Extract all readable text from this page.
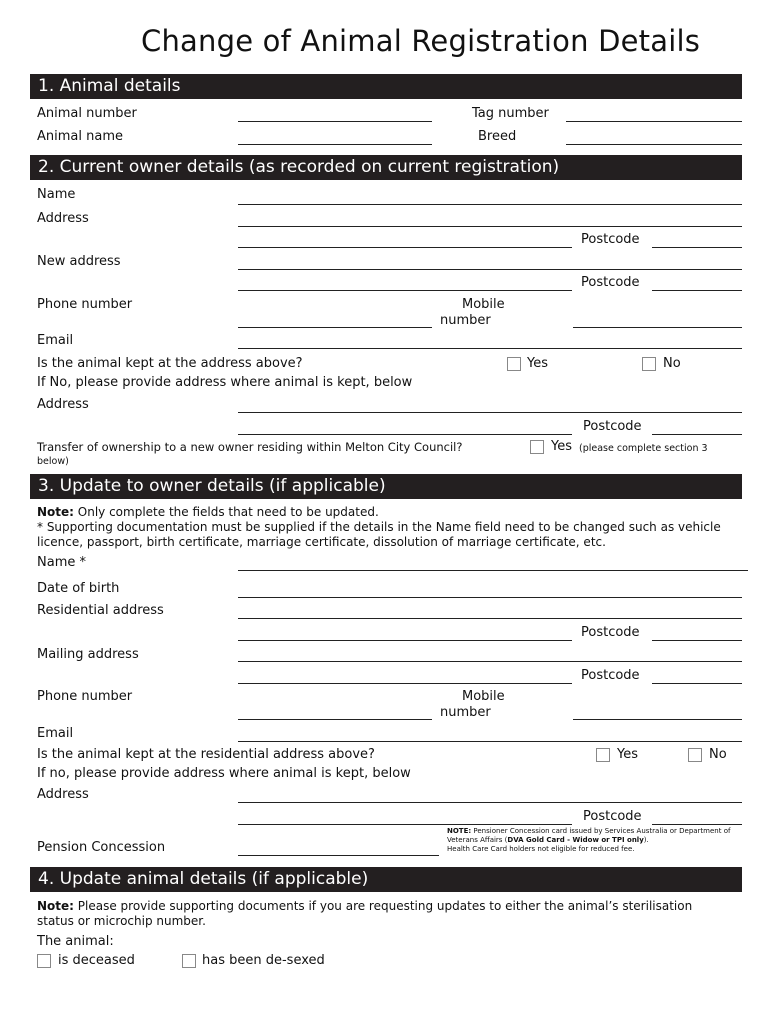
Change of Animal Registration Details
1. Animal details
Animal number	Tag number
Animal name	Breed
2. Current owner details (as recorded on current registration)
Name
Address
Postcode
New address
Postcode
Phone number	Mobile
number
Email
Is the animal kept at the address above?	Yes	No
If No, please provide address where animal is kept, below
Address
Postcode
Transfer of ownership to a new owner residing within Melton City Council?	Yes (please complete section 3
below)
3. Update to owner details (if applicable)
Note: Only complete the fields that need to be updated.
* Supporting documentation must be supplied if the details in the Name field need to be changed such as vehicle licence, passport, birth certificate, marriage certificate, dissolution of marriage certificate, etc.
Name *
Date of birth
Residential address
Postcode
Mailing address
Postcode
Phone number	Mobile
number
Email
Is the animal kept at the residential address above?	Yes	No
If no, please provide address where animal is kept, below
Address
Postcode
Pension Concession
NOTE: Pensioner Concession card issued by Services Australia or Department of Veterans Affairs (DVA Gold Card - Widow or TPI only).
Health Care Card holders not eligible for reduced fee.
4. Update animal details (if applicable)
Note: Please provide supporting documents if you are requesting updates to either the animal’s sterilisation status or microchip number.
The animal:
is deceased	has been de-sexed
